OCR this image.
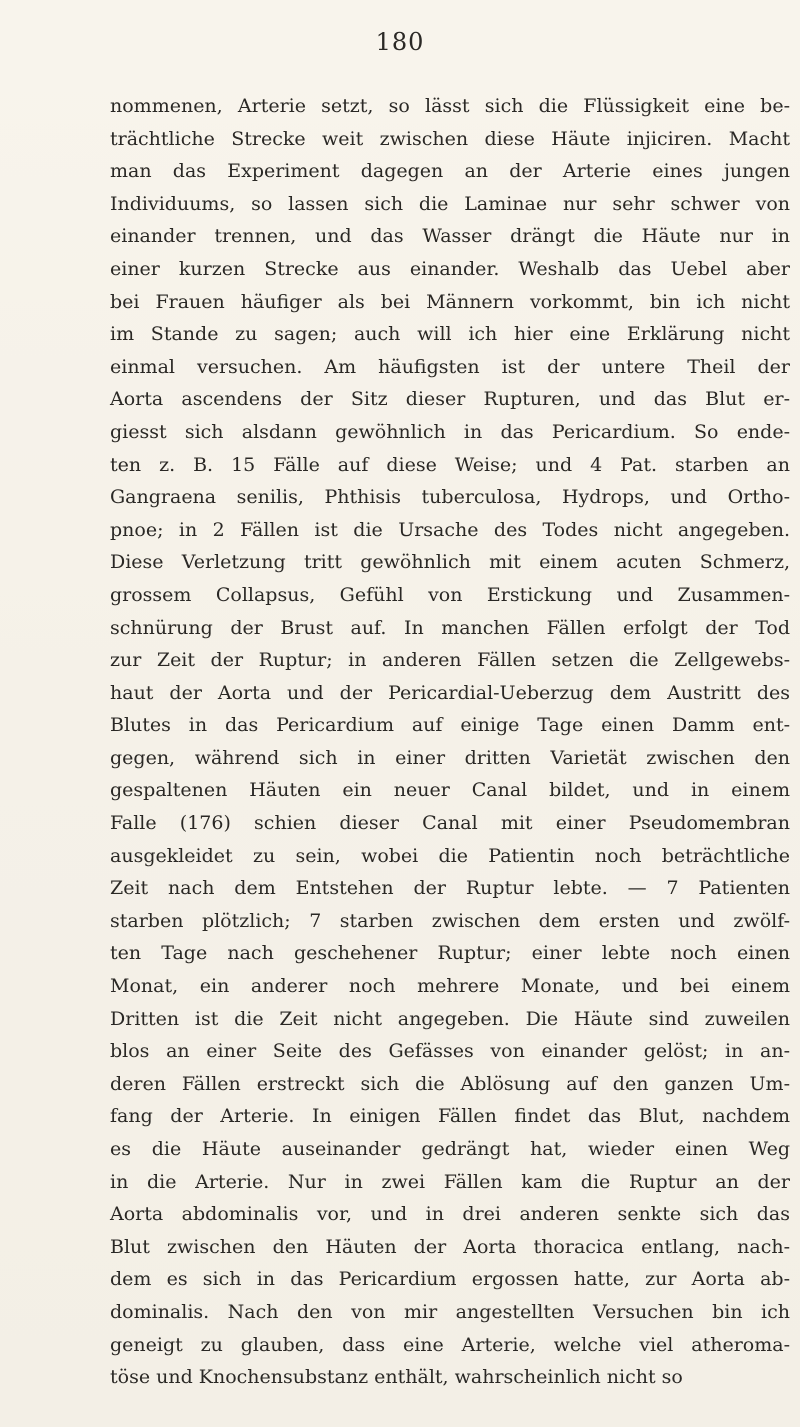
180
nommenen, Arterie setzt, so lässt sich die Flüssigkeit eine be-
trächtliche Strecke weit zwischen diese Häute injiciren. Macht
man das Experiment dagegen an der Arterie eines jungen
Individuums, so lassen sich die Laminae nur sehr schwer von
einander trennen, und das Wasser drängt die Häute nur in
einer kurzen Strecke aus einander. Weshalb das Uebel aber
bei Frauen häufiger als bei Männern vorkommt, bin ich nicht
im Stande zu sagen; auch will ich hier eine Erklärung nicht
einmal versuchen. Am häufigsten ist der untere Theil der
Aorta ascendens der Sitz dieser Rupturen, und das Blut er-
giesst sich alsdann gewöhnlich in das Pericardium. So ende-
ten z. B. 15 Fälle auf diese Weise; und 4 Pat. starben an
Gangraena senilis, Phthisis tuberculosa, Hydrops, und Ortho-
pnoe; in 2 Fällen ist die Ursache des Todes nicht angegeben.
Diese Verletzung tritt gewöhnlich mit einem acuten Schmerz,
grossem Collapsus, Gefühl von Erstickung und Zusammen-
schnürung der Brust auf. In manchen Fällen erfolgt der Tod
zur Zeit der Ruptur; in anderen Fällen setzen die Zellgewebs-
haut der Aorta und der Pericardial-Ueberzug dem Austritt des
Blutes in das Pericardium auf einige Tage einen Damm ent-
gegen, während sich in einer dritten Varietät zwischen den
gespaltenen Häuten ein neuer Canal bildet, und in einem
Falle (176) schien dieser Canal mit einer Pseudomembran
ausgekleidet zu sein, wobei die Patientin noch beträchtliche
Zeit nach dem Entstehen der Ruptur lebte. — 7 Patienten
starben plötzlich; 7 starben zwischen dem ersten und zwölf-
ten Tage nach geschehener Ruptur; einer lebte noch einen
Monat, ein anderer noch mehrere Monate, und bei einem
Dritten ist die Zeit nicht angegeben. Die Häute sind zuweilen
blos an einer Seite des Gefässes von einander gelöst; in an-
deren Fällen erstreckt sich die Ablösung auf den ganzen Um-
fang der Arterie. In einigen Fällen findet das Blut, nachdem
es die Häute auseinander gedrängt hat, wieder einen Weg
in die Arterie. Nur in zwei Fällen kam die Ruptur an der
Aorta abdominalis vor, und in drei anderen senkte sich das
Blut zwischen den Häuten der Aorta thoracica entlang, nach-
dem es sich in das Pericardium ergossen hatte, zur Aorta ab-
dominalis. Nach den von mir angestellten Versuchen bin ich
geneigt zu glauben, dass eine Arterie, welche viel atheroma-
töse und Knochensubstanz enthält, wahrscheinlich nicht so
